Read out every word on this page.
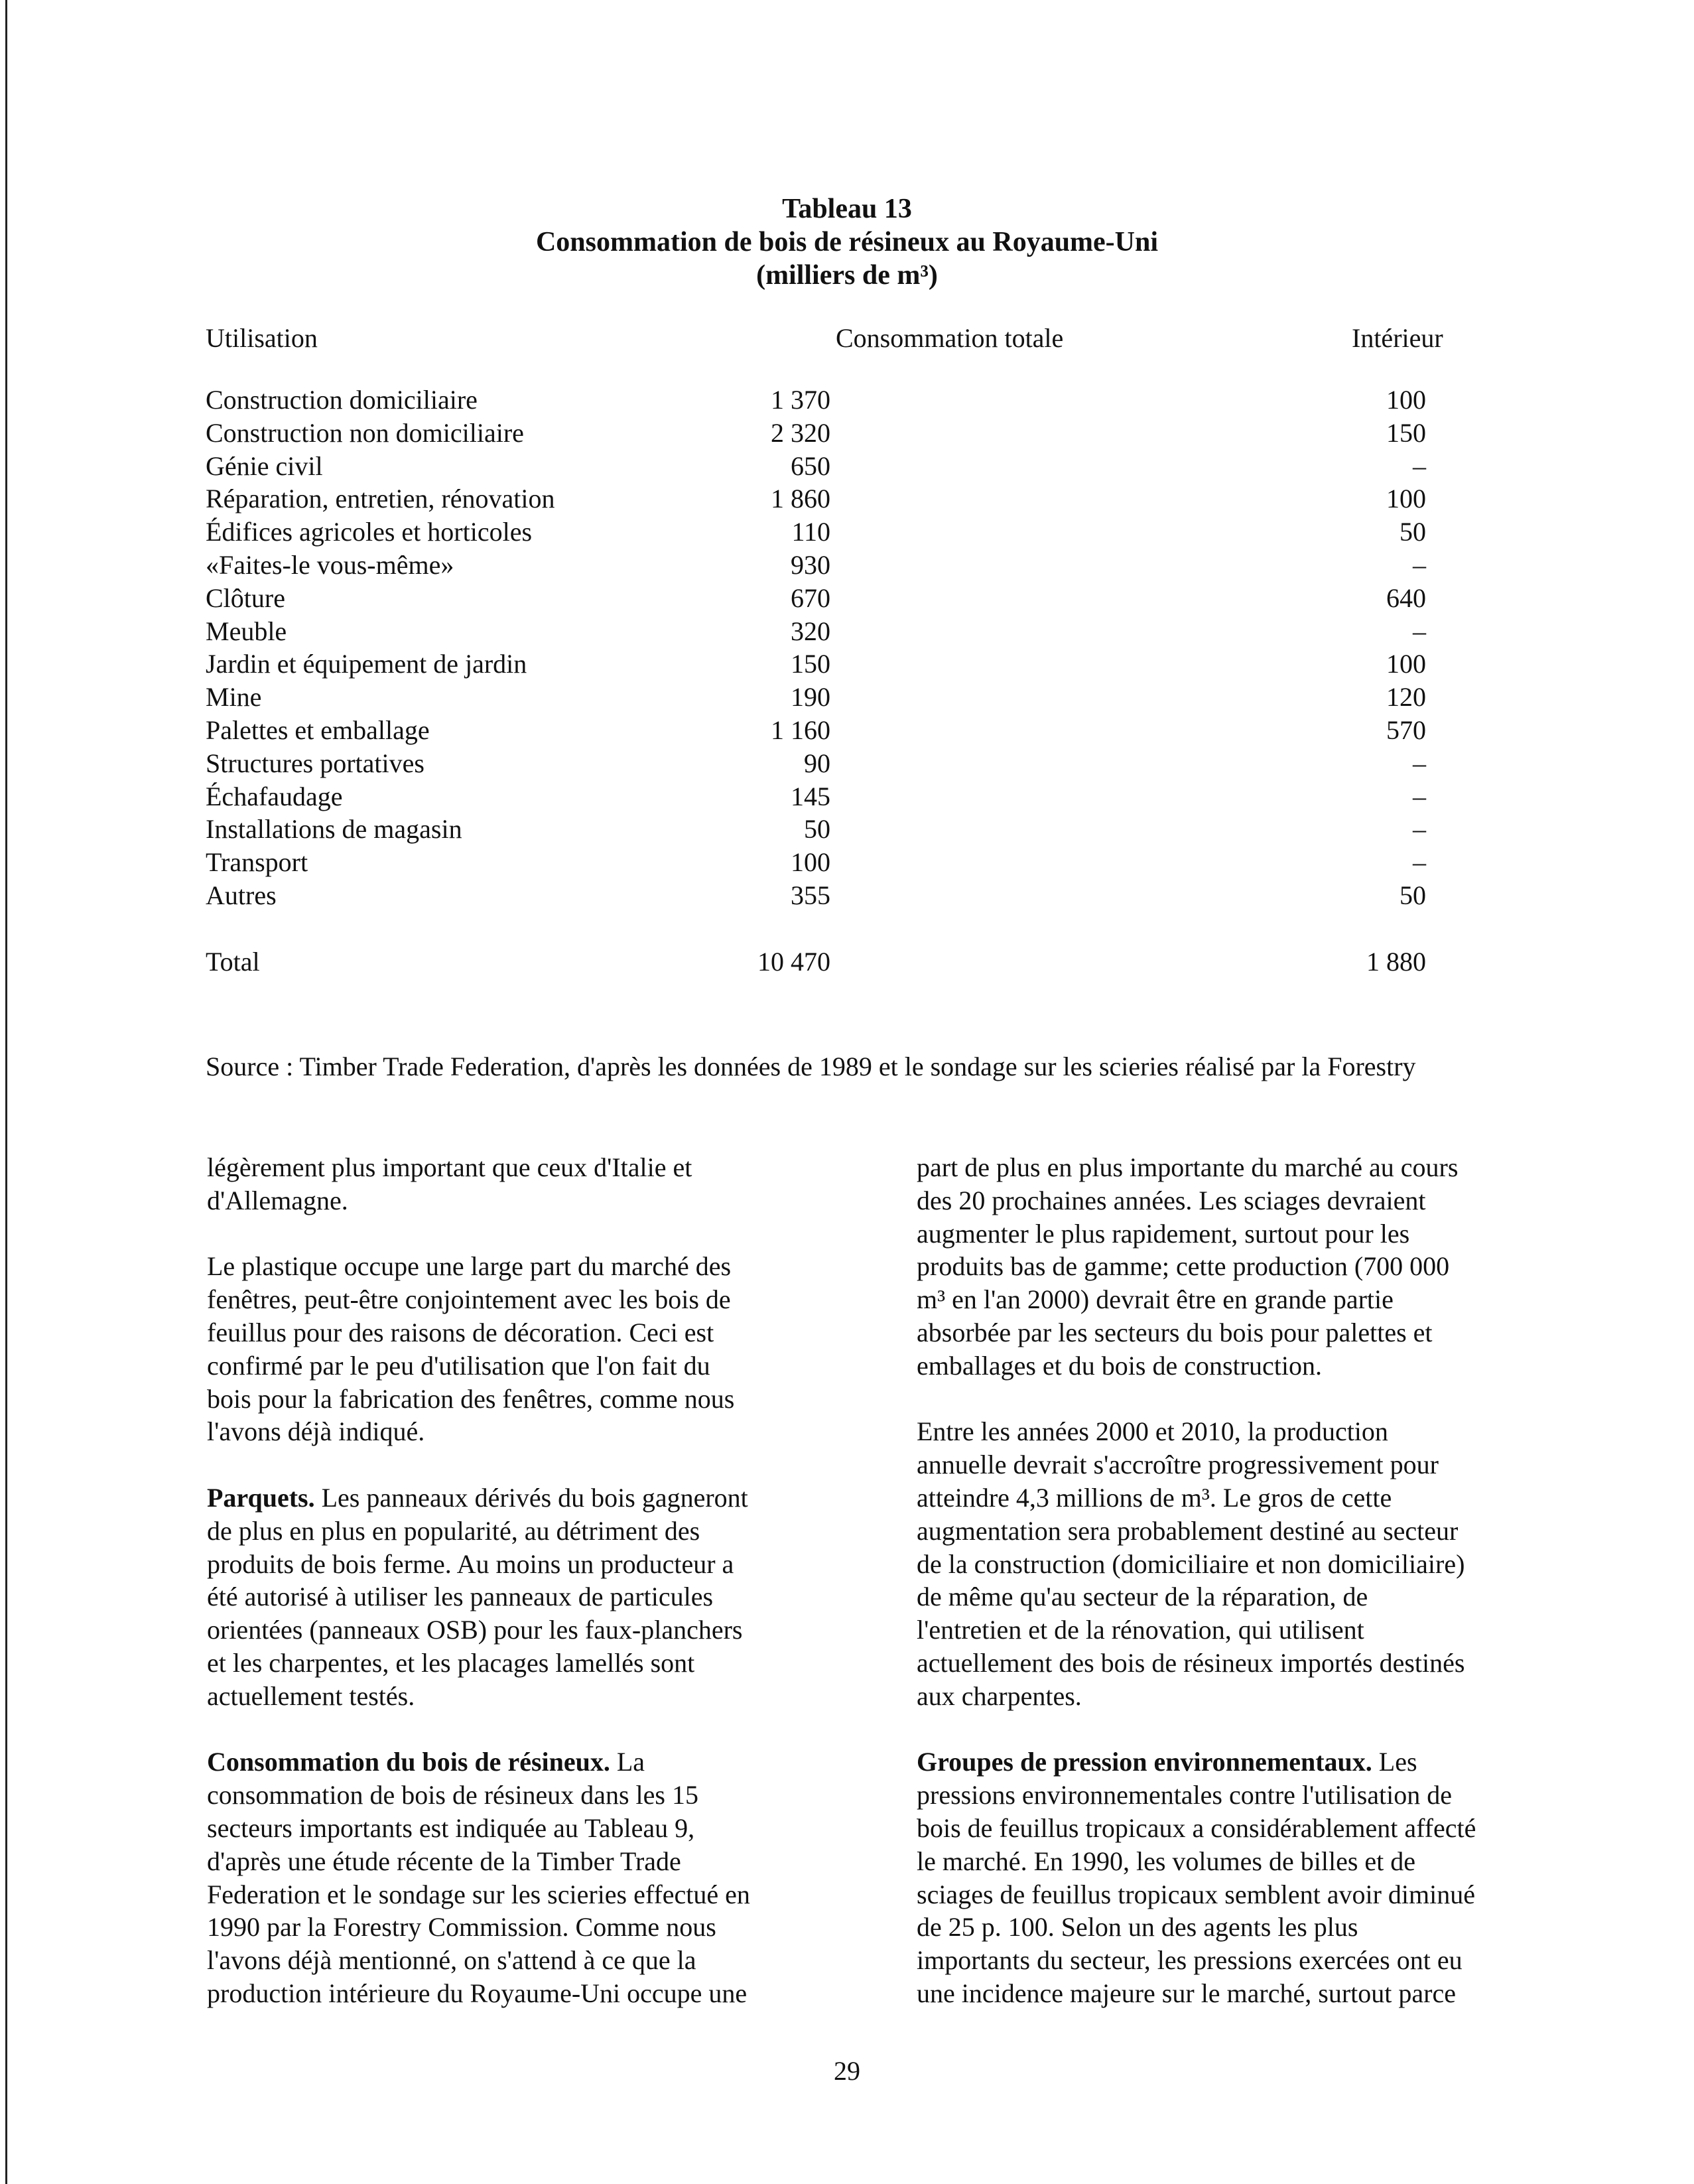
Tableau 13
Consommation de bois de résineux au Royaume-Uni
(milliers de m³)
Utilisation	Consommation totale	Intérieur
Construction domiciliaire	1 370	100
Construction non domiciliaire	2 320	150
Génie civil	650	–
Réparation, entretien, rénovation	1 860	100
Édifices agricoles et horticoles	110	50
«Faites-le vous-même»	930	–
Clôture	670	640
Meuble	320	–
Jardin et équipement de jardin	150	100
Mine	190	120
Palettes et emballage	1 160	570
Structures portatives	90	–
Échafaudage	145	–
Installations de magasin	50	–
Transport	100	–
Autres	355	50
Total	10 470	1 880
Source : Timber Trade Federation, d'après les données de 1989 et le sondage sur les scieries réalisé par la Forestry

légèrement plus important que ceux d'Italie et
d'Allemagne.

Le plastique occupe une large part du marché des
fenêtres, peut-être conjointement avec les bois de
feuillus pour des raisons de décoration. Ceci est
confirmé par le peu d'utilisation que l'on fait du
bois pour la fabrication des fenêtres, comme nous
l'avons déjà indiqué.

Parquets. Les panneaux dérivés du bois gagneront
de plus en plus en popularité, au détriment des
produits de bois ferme. Au moins un producteur a
été autorisé à utiliser les panneaux de particules
orientées (panneaux OSB) pour les faux-planchers
et les charpentes, et les placages lamellés sont
actuellement testés.

Consommation du bois de résineux. La
consommation de bois de résineux dans les 15
secteurs importants est indiquée au Tableau 9,
d'après une étude récente de la Timber Trade
Federation et le sondage sur les scieries effectué en
1990 par la Forestry Commission. Comme nous
l'avons déjà mentionné, on s'attend à ce que la
production intérieure du Royaume-Uni occupe une

part de plus en plus importante du marché au cours
des 20 prochaines années. Les sciages devraient
augmenter le plus rapidement, surtout pour les
produits bas de gamme; cette production (700 000
m³ en l'an 2000) devrait être en grande partie
absorbée par les secteurs du bois pour palettes et
emballages et du bois de construction.

Entre les années 2000 et 2010, la production
annuelle devrait s'accroître progressivement pour
atteindre 4,3 millions de m³. Le gros de cette
augmentation sera probablement destiné au secteur
de la construction (domiciliaire et non domiciliaire)
de même qu'au secteur de la réparation, de
l'entretien et de la rénovation, qui utilisent
actuellement des bois de résineux importés destinés
aux charpentes.

Groupes de pression environnementaux. Les
pressions environnementales contre l'utilisation de
bois de feuillus tropicaux a considérablement affecté
le marché. En 1990, les volumes de billes et de
sciages de feuillus tropicaux semblent avoir diminué
de 25 p. 100. Selon un des agents les plus
importants du secteur, les pressions exercées ont eu
une incidence majeure sur le marché, surtout parce

29
